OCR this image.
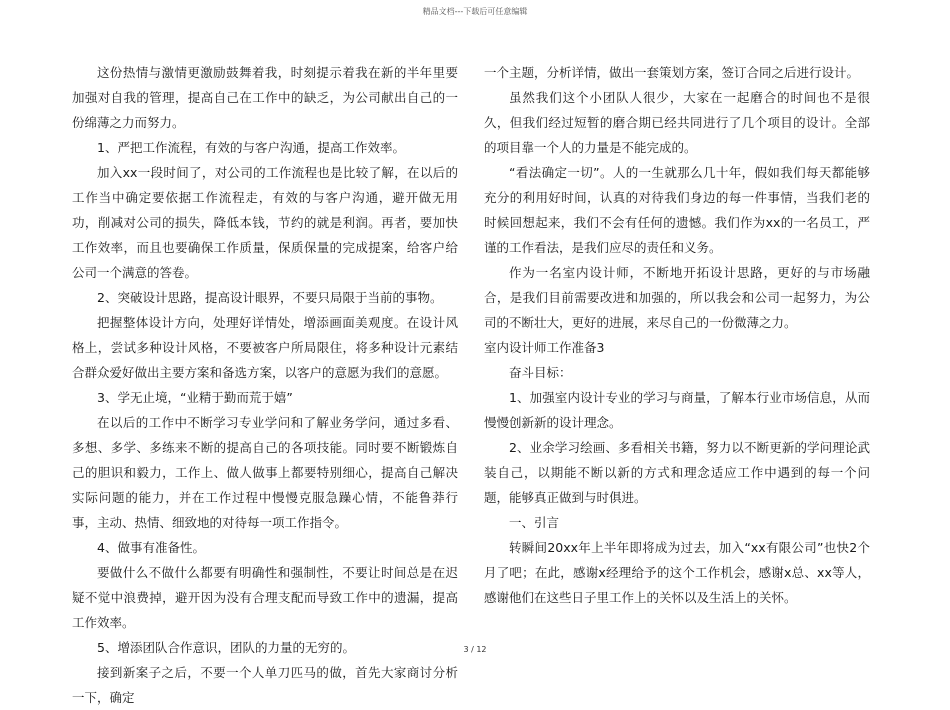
精品文档---下载后可任意编辑

这份热情与激情更激励鼓舞着我，时刻提示着我在新的半年里要加强对自我的管理，提高自己在工作中的缺乏，为公司献出自己的一份绵薄之力而努力。

1、严把工作流程，有效的与客户沟通，提高工作效率。

加入xx一段时间了，对公司的工作流程也是比较了解，在以后的工作当中确定要依据工作流程走，有效的与客户沟通，避开做无用功，削减对公司的损失，降低本钱，节约的就是利润。再者，要加快工作效率，而且也要确保工作质量，保质保量的完成提案，给客户给公司一个满意的答卷。

2、突破设计思路，提高设计眼界，不要只局限于当前的事物。

把握整体设计方向，处理好详情处，增添画面美观度。在设计风格上，尝试多种设计风格，不要被客户所局限住，将多种设计元素结合群众爱好做出主要方案和备选方案，以客户的意愿为我们的意愿。

3、学无止境，“业精于勤而荒于嬉”

在以后的工作中不断学习专业学问和了解业务学问，通过多看、多想、多学、多练来不断的提高自己的各项技能。同时要不断锻炼自己的胆识和毅力，工作上、做人做事上都要特别细心，提高自己解决实际问题的能力，并在工作过程中慢慢克服急躁心情，不能鲁莽行事，主动、热情、细致地的对待每一项工作指令。

4、做事有准备性。

要做什么不做什么都要有明确性和强制性，不要让时间总是在迟疑不觉中浪费掉，避开因为没有合理支配而导致工作中的遗漏，提高工作效率。

5、增添团队合作意识，团队的力量的无穷的。

接到新案子之后，不要一个人单刀匹马的做，首先大家商讨分析一下，确定

一个主题，分析详情，做出一套策划方案，签订合同之后进行设计。

虽然我们这个小团队人很少，大家在一起磨合的时间也不是很久，但我们经过短暂的磨合期已经共同进行了几个项目的设计。全部的项目靠一个人的力量是不能完成的。

“看法确定一切”。人的一生就那么几十年，假如我们每天都能够充分的利用好时间，认真的对待我们身边的每一件事情，当我们老的时候回想起来，我们不会有任何的遗憾。我们作为xx的一名员工，严谨的工作看法，是我们应尽的责任和义务。

作为一名室内设计师，不断地开拓设计思路，更好的与市场融合，是我们目前需要改进和加强的，所以我会和公司一起努力，为公司的不断壮大，更好的进展，来尽自己的一份微薄之力。

室内设计师工作准备3

奋斗目标：

1、加强室内设计专业的学习与商量，了解本行业市场信息，从而慢慢创新新的设计理念。

2、业余学习绘画、多看相关书籍，努力以不断更新的学问理论武装自己，以期能不断以新的方式和理念适应工作中遇到的每一个问题，能够真正做到与时俱进。

一、引言

转瞬间20xx年上半年即将成为过去，加入“xx有限公司”也快2个月了吧；在此，感谢x经理给予的这个工作机会，感谢x总、xx等人，感谢他们在这些日子里工作上的关怀以及生活上的关怀。

3 / 12
